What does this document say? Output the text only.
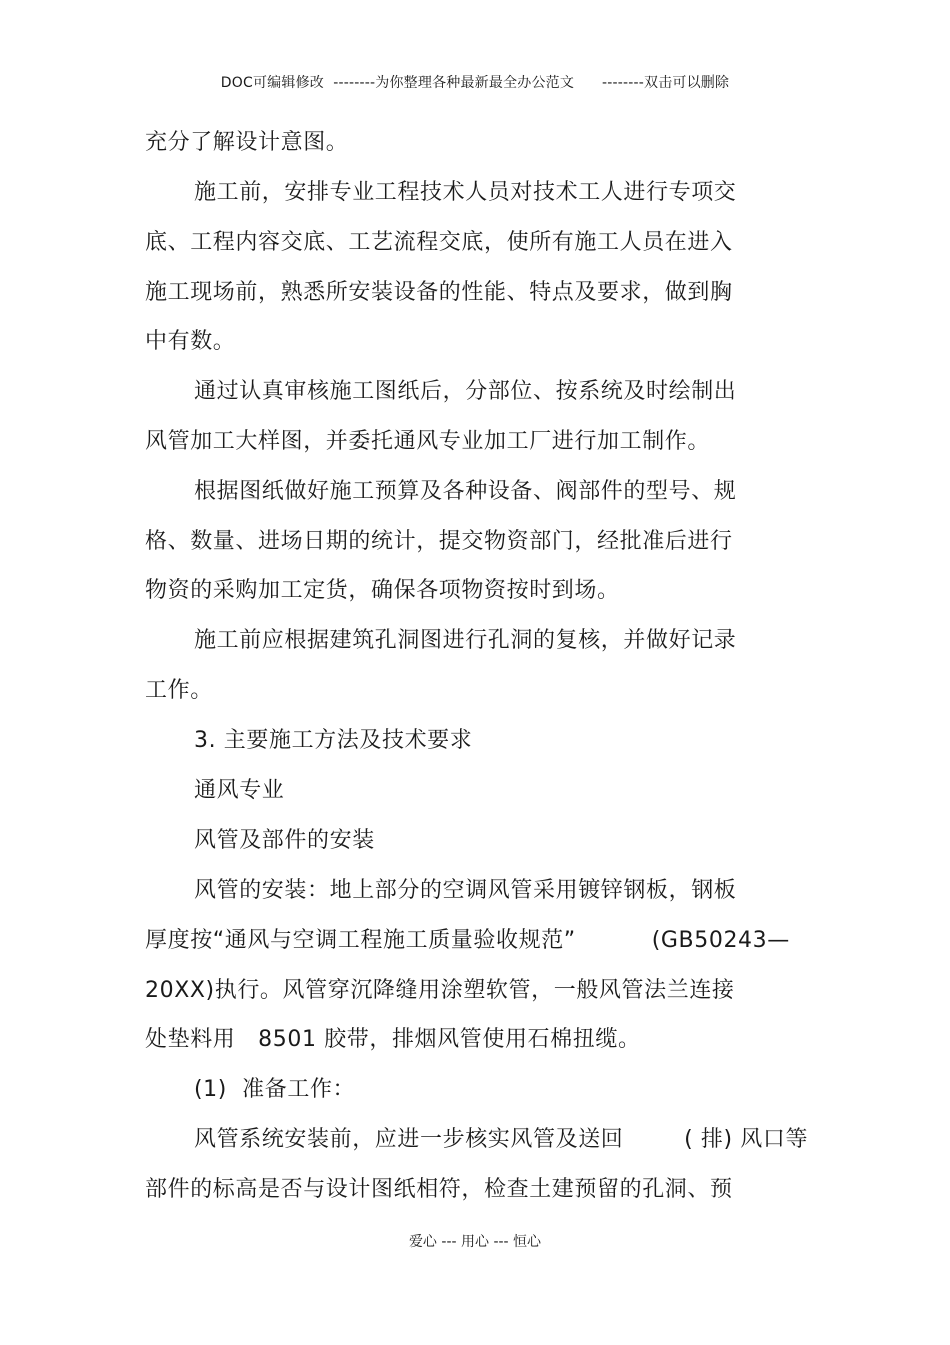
DOC可编辑修改  --------为你整理各种最新最全办公范文      --------双击可以删除
充分了解设计意图。
施工前，安排专业工程技术人员对技术工人进行专项交
底、工程内容交底、工艺流程交底，使所有施工人员在进入
施工现场前，熟悉所安装设备的性能、特点及要求，做到胸
中有数。
通过认真审核施工图纸后，分部位、按系统及时绘制出
风管加工大样图，并委托通风专业加工厂进行加工制作。
根据图纸做好施工预算及各种设备、阀部件的型号、规
格、数量、进场日期的统计，提交物资部门，经批准后进行
物资的采购加工定货，确保各项物资按时到场。
施工前应根据建筑孔洞图进行孔洞的复核，并做好记录
工作。
3. 主要施工方法及技术要求
通风专业
风管及部件的安装
风管的安装：地上部分的空调风管采用镀锌钢板，钢板
厚度按“通风与空调工程施工质量验收规范”          (GB50243—
20XX)执行。风管穿沉降缝用涂塑软管，一般风管法兰连接
处垫料用   8501 胶带，排烟风管使用石棉扭缆。
(1)  准备工作：
风管系统安装前，应进一步核实风管及送回        ( 排) 风口等
部件的标高是否与设计图纸相符，检查土建预留的孔洞、预
爱心 --- 用心 --- 恒心
